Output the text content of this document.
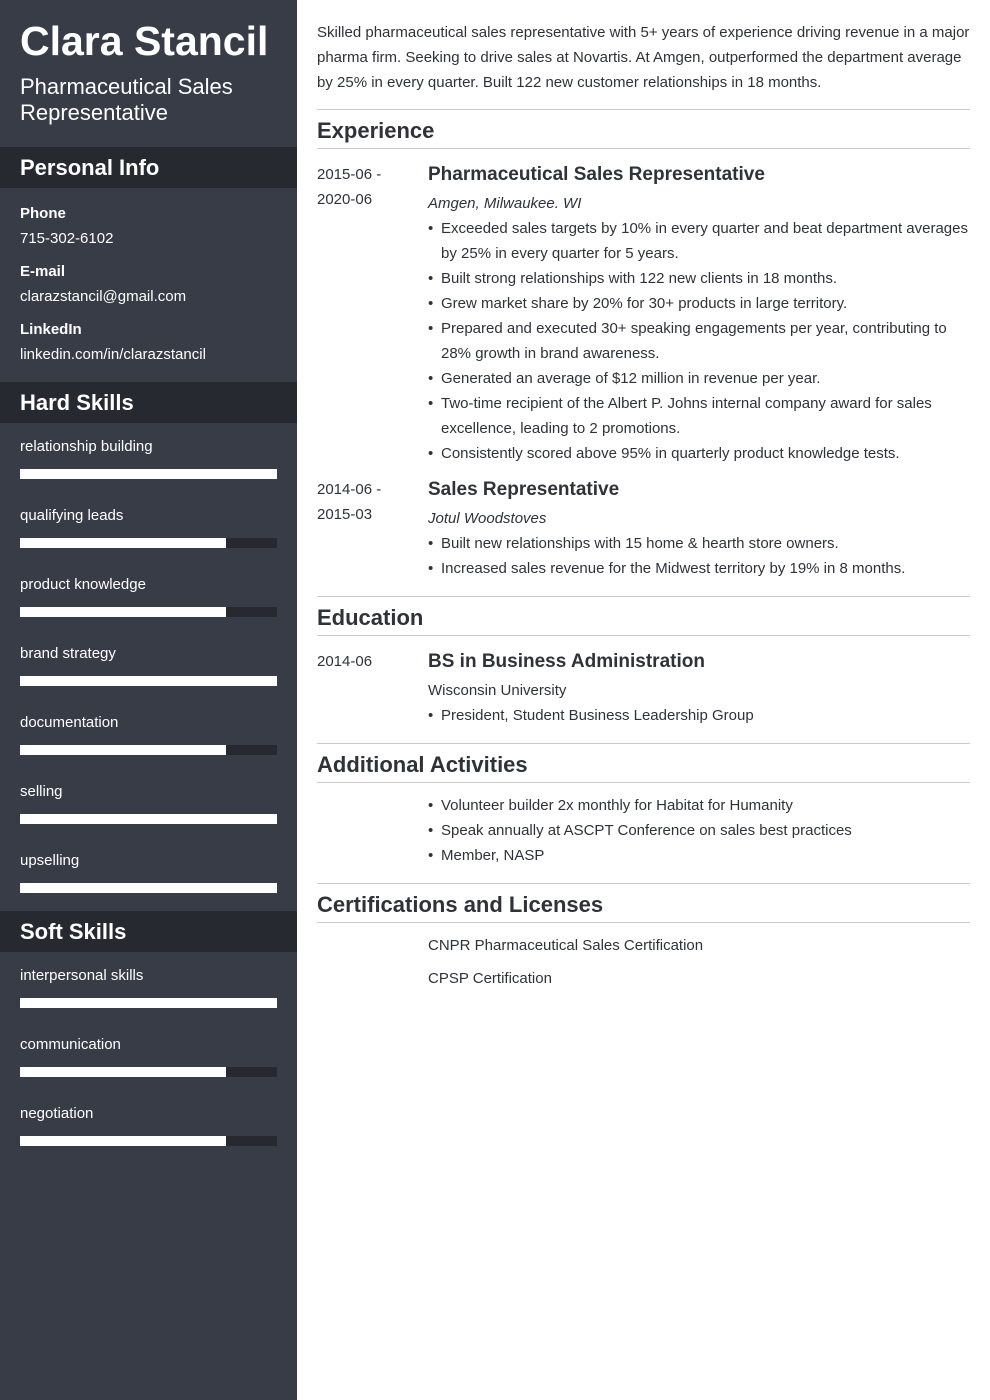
Clara Stancil
Pharmaceutical Sales Representative
Personal Info
Phone
715-302-6102
E-mail
clarazstancil@gmail.com
LinkedIn
linkedin.com/in/clarazstancil
Hard Skills
relationship building
qualifying leads
product knowledge
brand strategy
documentation
selling
upselling
Soft Skills
interpersonal skills
communication
negotiation

Skilled pharmaceutical sales representative with 5+ years of experience driving revenue in a major pharma firm. Seeking to drive sales at Novartis. At Amgen, outperformed the department average by 25% in every quarter. Built 122 new customer relationships in 18 months.

Experience
2015-06 -
2020-06
Pharmaceutical Sales Representative
Amgen, Milwaukee. WI
• Exceeded sales targets by 10% in every quarter and beat department averages by 25% in every quarter for 5 years.
• Built strong relationships with 122 new clients in 18 months.
• Grew market share by 20% for 30+ products in large territory.
• Prepared and executed 30+ speaking engagements per year, contributing to 28% growth in brand awareness.
• Generated an average of $12 million in revenue per year.
• Two-time recipient of the Albert P. Johns internal company award for sales excellence, leading to 2 promotions.
• Consistently scored above 95% in quarterly product knowledge tests.
2014-06 -
2015-03
Sales Representative
Jotul Woodstoves
• Built new relationships with 15 home & hearth store owners.
• Increased sales revenue for the Midwest territory by 19% in 8 months.
Education
2014-06	BS in Business Administration
Wisconsin University
• President, Student Business Leadership Group
Additional Activities
• Volunteer builder 2x monthly for Habitat for Humanity
• Speak annually at ASCPT Conference on sales best practices
• Member, NASP
Certifications and Licenses
CNPR Pharmaceutical Sales Certification
CPSP Certification
